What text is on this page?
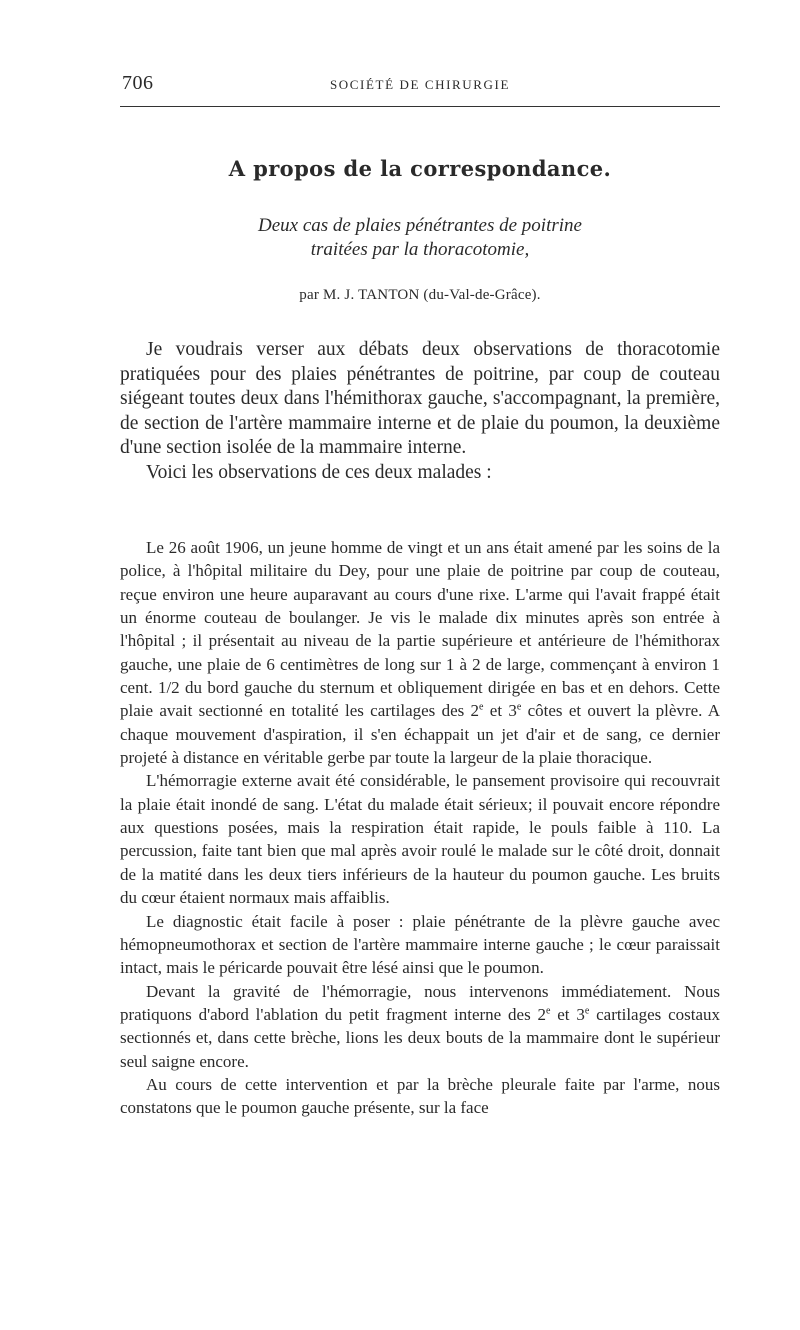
706	SOCIÉTÉ DE CHIRURGIE
A propos de la correspondance.
Deux cas de plaies pénétrantes de poitrine
traitées par la thoracotomie,
par M. J. TANTON (du-Val-de-Grâce).

Je voudrais verser aux débats deux observations de thoracotomie pratiquées pour des plaies pénétrantes de poitrine, par coup de couteau siégeant toutes deux dans l'hémithorax gauche, s'accompagnant, la première, de section de l'artère mammaire interne et de plaie du poumon, la deuxième d'une section isolée de la mammaire interne.

Voici les observations de ces deux malades :

Le 26 août 1906, un jeune homme de vingt et un ans était amené par les soins de la police, à l'hôpital militaire du Dey, pour une plaie de poitrine par coup de couteau, reçue environ une heure auparavant au cours d'une rixe. L'arme qui l'avait frappé était un énorme couteau de boulanger. Je vis le malade dix minutes après son entrée à l'hôpital ; il présentait au niveau de la partie supérieure et antérieure de l'hémithorax gauche, une plaie de 6 centimètres de long sur 1 à 2 de large, commençant à environ 1 cent. 1/2 du bord gauche du sternum et obliquement dirigée en bas et en dehors. Cette plaie avait sectionné en totalité les cartilages des 2e et 3e côtes et ouvert la plèvre. A chaque mouvement d'aspiration, il s'en échappait un jet d'air et de sang, ce dernier projeté à distance en véritable gerbe par toute la largeur de la plaie thoracique.

L'hémorragie externe avait été considérable, le pansement provisoire qui recouvrait la plaie était inondé de sang. L'état du malade était sérieux; il pouvait encore répondre aux questions posées, mais la respiration était rapide, le pouls faible à 110. La percussion, faite tant bien que mal après avoir roulé le malade sur le côté droit, donnait de la matité dans les deux tiers inférieurs de la hauteur du poumon gauche. Les bruits du cœur étaient normaux mais affaiblis.

Le diagnostic était facile à poser : plaie pénétrante de la plèvre gauche avec hémopneumothorax et section de l'artère mammaire interne gauche ; le cœur paraissait intact, mais le péricarde pouvait être lésé ainsi que le poumon.

Devant la gravité de l'hémorragie, nous intervenons immédiatement. Nous pratiquons d'abord l'ablation du petit fragment interne des 2e et 3e cartilages costaux sectionnés et, dans cette brèche, lions les deux bouts de la mammaire dont le supérieur seul saigne encore.

Au cours de cette intervention et par la brèche pleurale faite par l'arme, nous constatons que le poumon gauche présente, sur la face
